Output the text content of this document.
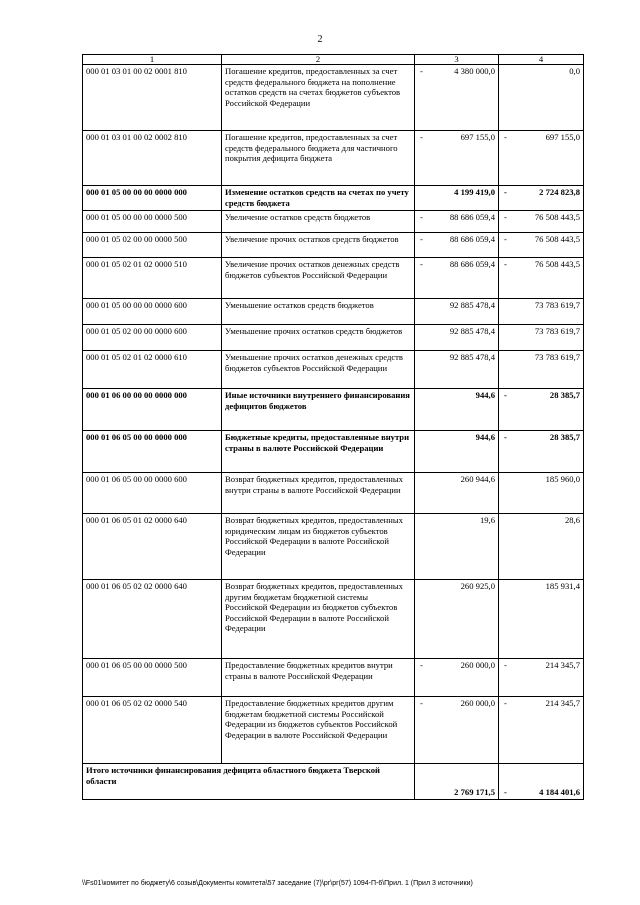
2
1	2	3	4
000 01 03 01 00 02 0001 810	Погашение кредитов, предоставленных за счет средств федерального бюджета на пополнение остатков средств на счетах бюджетов субъектов Российской Федерации	- 4 380 000,0	0,0

000 01 03 01 00 02 0002 810	Погашение кредитов, предоставленных за счет средств федерального бюджета для частичного покрытия дефицита бюджета	- 697 155,0	- 697 155,0

000 01 05 00 00 00 0000 000	Изменение остатков средств на счетах по учету средств бюджета	4 199 419,0	- 2 724 823,8

000 01 05 00 00 00 0000 500	Увеличение остатков средств бюджетов	- 88 686 059,4	- 76 508 443,5

000 01 05 02 00 00 0000 500	Увеличение прочих остатков средств бюджетов	- 88 686 059,4	- 76 508 443,5

000 01 05 02 01 02 0000 510	Увеличение прочих остатков денежных средств бюджетов субъектов Российской Федерации	- 88 686 059,4	- 76 508 443,5

000 01 05 00 00 00 0000 600	Уменьшение остатков средств бюджетов	92 885 478,4	73 783 619,7

000 01 05 02 00 00 0000 600	Уменьшение прочих остатков средств бюджетов	92 885 478,4	73 783 619,7

000 01 05 02 01 02 0000 610	Уменьшение прочих остатков денежных средств бюджетов субъектов Российской Федерации	92 885 478,4	73 783 619,7

000 01 06 00 00 00 0000 000	Иные источники внутреннего финансирования дефицитов бюджетов	944,6	- 28 385,7

000 01 06 05 00 00 0000 000	Бюджетные кредиты, предоставленные внутри страны в валюте Российской Федерации	944,6	- 28 385,7

000 01 06 05 00 00 0000 600	Возврат бюджетных кредитов, предоставленных внутри страны в валюте Российской Федерации	260 944,6	185 960,0

000 01 06 05 01 02 0000 640	Возврат бюджетных кредитов, предоставленных юридическим лицам из бюджетов субъектов Российской Федерации в валюте Российской Федерации	19,6	28,6

000 01 06 05 02 02 0000 640	Возврат бюджетных кредитов, предоставленных другим бюджетам бюджетной системы Российской Федерации из бюджетов субъектов Российской Федерации в валюте Российской Федерации	260 925,0	185 931,4

000 01 06 05 00 00 0000 500	Предоставление бюджетных кредитов внутри страны в валюте Российской Федерации	- 260 000,0	- 214 345,7

000 01 06 05 02 02 0000 540	Предоставление бюджетных кредитов другим бюджетам бюджетной системы Российской Федерации из бюджетов субъектов Российской Федерации в валюте Российской Федерации	- 260 000,0	- 214 345,7

Итого источники финансирования дефицита областного бюджета Тверской области		2 769 171,5	- 4 184 401,6
\\Fs01\комитет по бюджету\6 созыв\Документы комитета\57 заседание (7)\рг\рг(57) 1094-П-6\Прил. 1 (Прил 3 источники)
